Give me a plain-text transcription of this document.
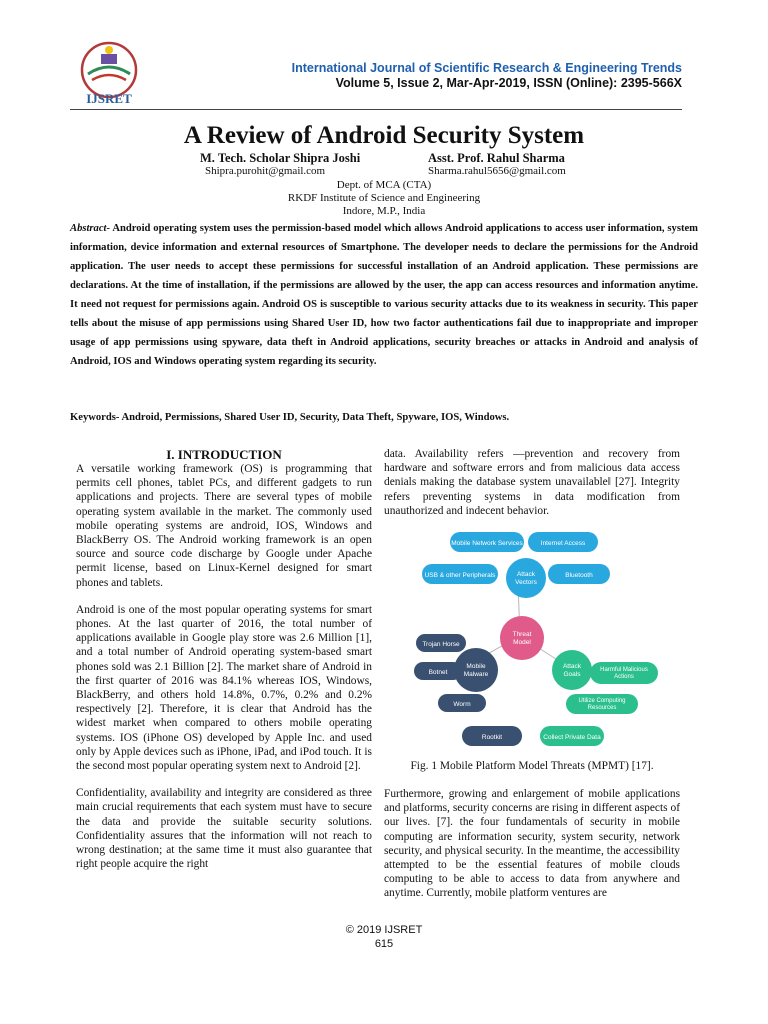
IJSRET
International Journal of Scientific Research & Engineering Trends
Volume 5, Issue 2, Mar-Apr-2019, ISSN (Online): 2395-566X
A Review of Android Security System
M. Tech. Scholar Shipra Joshi	Asst. Prof. Rahul Sharma
Shipra.purohit@gmail.com	Sharma.rahul5656@gmail.com
Dept. of MCA (CTA)
RKDF Institute of Science and Engineering
Indore, M.P., India
Abstract- Android operating system uses the permission-based model which allows Android applications to access user information, system information, device information and external resources of Smartphone. The developer needs to declare the permissions for the Android application. The user needs to accept these permissions for successful installation of an Android application. These permissions are declarations. At the time of installation, if the permissions are allowed by the user, the app can access resources and information anytime. It need not request for permissions again. Android OS is susceptible to various security attacks due to its weakness in security. This paper tells about the misuse of app permissions using Shared User ID, how two factor authentications fail due to inappropriate and improper usage of app permissions using spyware, data theft in Android applications, security breaches or attacks in Android and analysis of Android, IOS and Windows operating system regarding its security.
Keywords- Android, Permissions, Shared User ID, Security, Data Theft, Spyware, IOS, Windows.
I. INTRODUCTION

A versatile working framework (OS) is programming that permits cell phones, tablet PCs, and different gadgets to run applications and projects. There are several types of mobile operating system available in the market. The commonly used mobile operating systems are android, IOS, Windows and BlackBerry OS. The Android working framework is an open source and source code discharge by Google under Apache permit license, based on Linux-Kernel designed for smart phones and tablets.

Android is one of the most popular operating systems for smart phones. At the last quarter of 2016, the total number of applications available in Google play store was 2.6 Million [1], and a total number of Android operating system-based smart phones sold was 2.1 Billion [2]. The market share of Android in the first quarter of 2016 was 84.1% whereas IOS, Windows, BlackBerry, and others hold 14.8%, 0.7%, 0.2% and 0.2% respectively [2]. Therefore, it is clear that Android has the widest market when compared to others mobile operating systems. IOS (iPhone OS) developed by Apple Inc. and used only by Apple devices such as iPhone, iPad, and iPod touch. It is the second most popular operating system next to Android [2].

Confidentiality, availability and integrity are considered as three main crucial requirements that each system must have to secure the data and provide the suitable security solutions. Confidentiality assures that the information will not reach to wrong destination; at the same time it must also guarantee that right people acquire the right

data. Availability refers —prevention and recovery from hardware and software errors and from malicious data access denials making the database system unavailable‖ [27]. Integrity refers preventing systems in data modification from unauthorized and indecent behavior.

Mobile Network Services	Internet Access
USB & other Peripherals	Bluetooth
Attack Vectors
Threat Model
Trojan Horse
Botnet
Worm
Rootkit
Mobile Malware
Attack Goals
Harmful Malicious Actions
Utilize Computing Resources
Collect Private Data
Fig. 1 Mobile Platform Model Threats (MPMT) [17].

Furthermore, growing and enlargement of mobile applications and platforms, security concerns are rising in different aspects of our lives. [7]. the four fundamentals of security in mobile computing are information security, system security, network security, and physical security. In the meantime, the accessibility attempted to be the essential features of mobile clouds computing to be able to access to data from anywhere and anytime. Currently, mobile platform ventures are

© 2019 IJSRET
615
